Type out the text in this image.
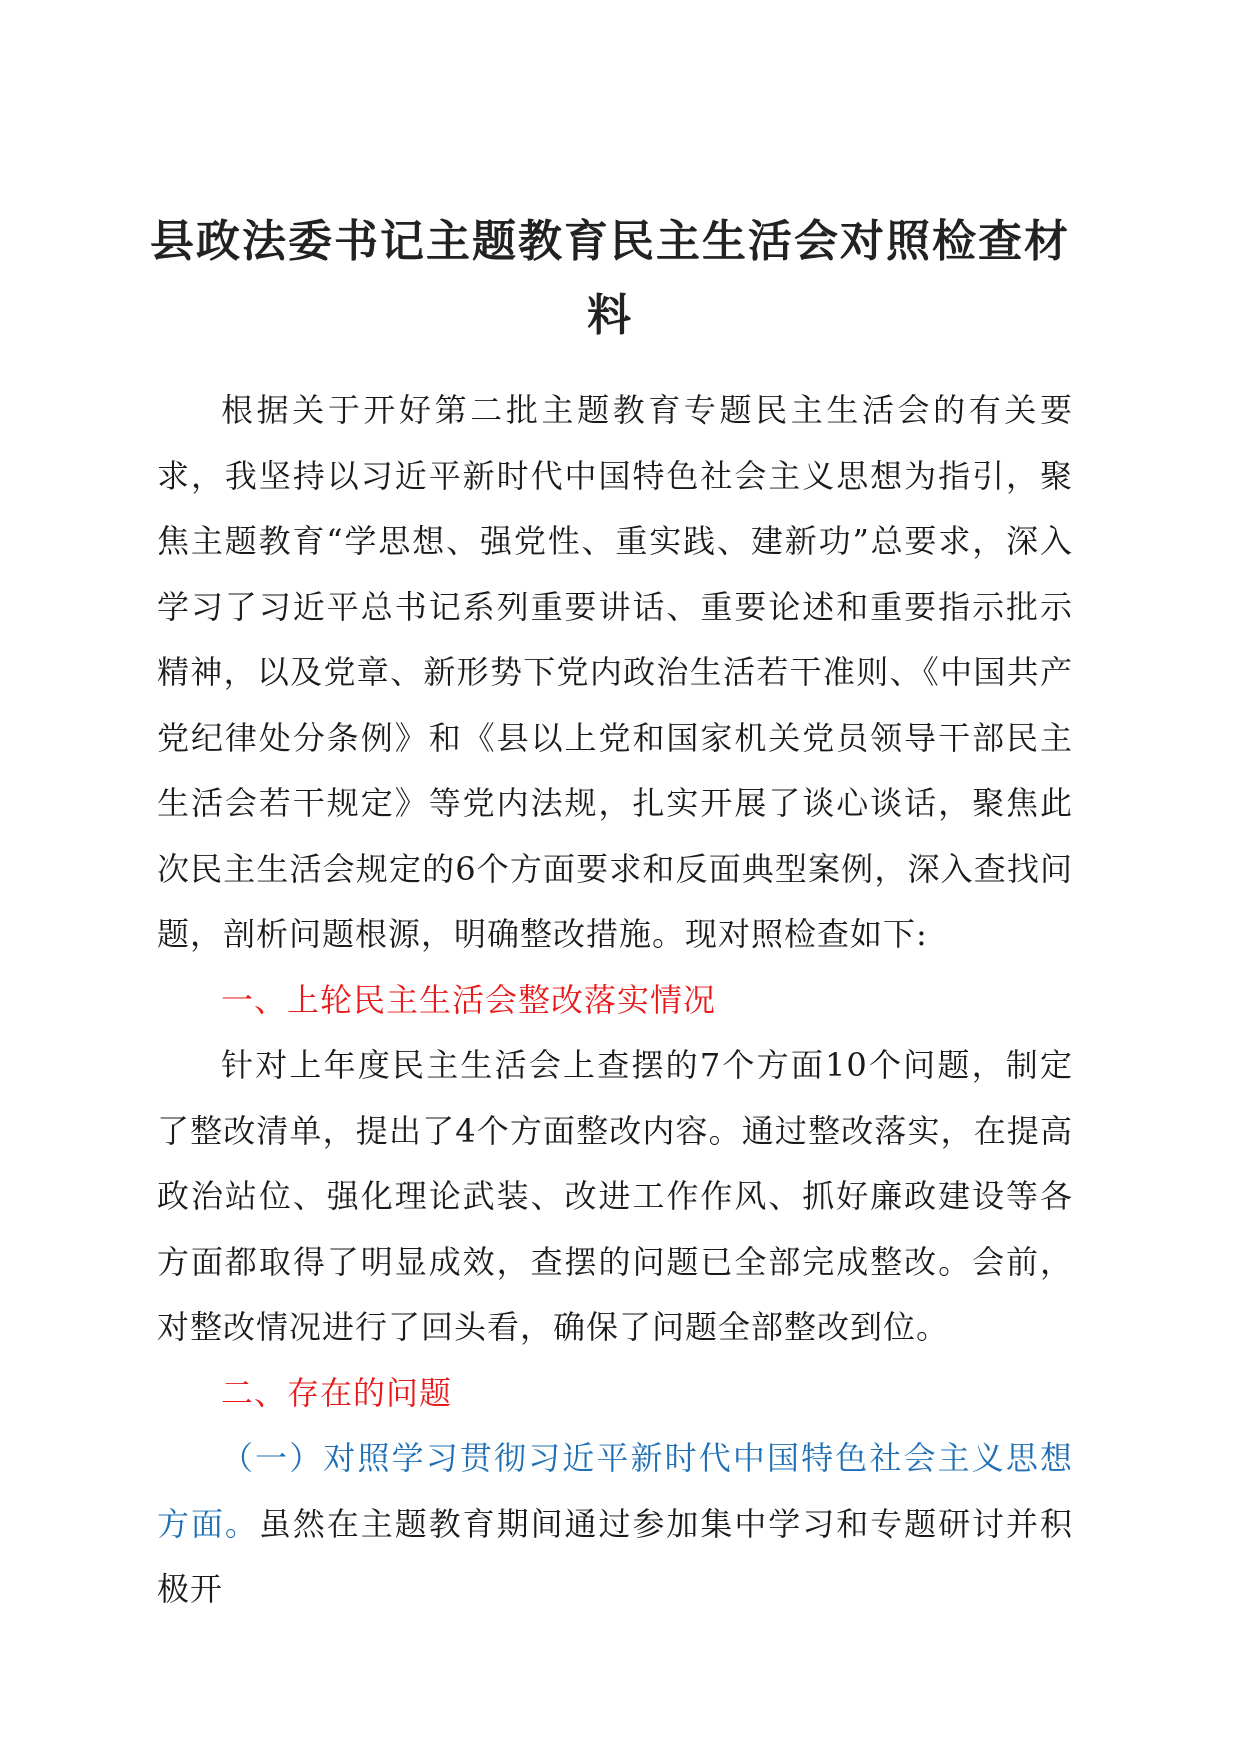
县政法委书记主题教育民主生活会对照检查材料

根据关于开好第二批主题教育专题民主生活会的有关要求，我坚持以习近平新时代中国特色社会主义思想为指引，聚焦主题教育“学思想、强党性、重实践、建新功”总要求，深入学习了习近平总书记系列重要讲话、重要论述和重要指示批示精神，以及党章、新形势下党内政治生活若干准则、《中国共产党纪律处分条例》和《县以上党和国家机关党员领导干部民主生活会若干规定》等党内法规，扎实开展了谈心谈话，聚焦此次民主生活会规定的6个方面要求和反面典型案例，深入查找问题，剖析问题根源，明确整改措施。现对照检查如下:

一、上轮民主生活会整改落实情况

针对上年度民主生活会上查摆的7个方面10个问题，制定了整改清单，提出了4个方面整改内容。通过整改落实，在提高政治站位、强化理论武装、改进工作作风、抓好廉政建设等各方面都取得了明显成效，查摆的问题已全部完成整改。会前，对整改情况进行了回头看，确保了问题全部整改到位。

二、存在的问题

（一）对照学习贯彻习近平新时代中国特色社会主义思想方面。虽然在主题教育期间通过参加集中学习和专题研讨并积极开
